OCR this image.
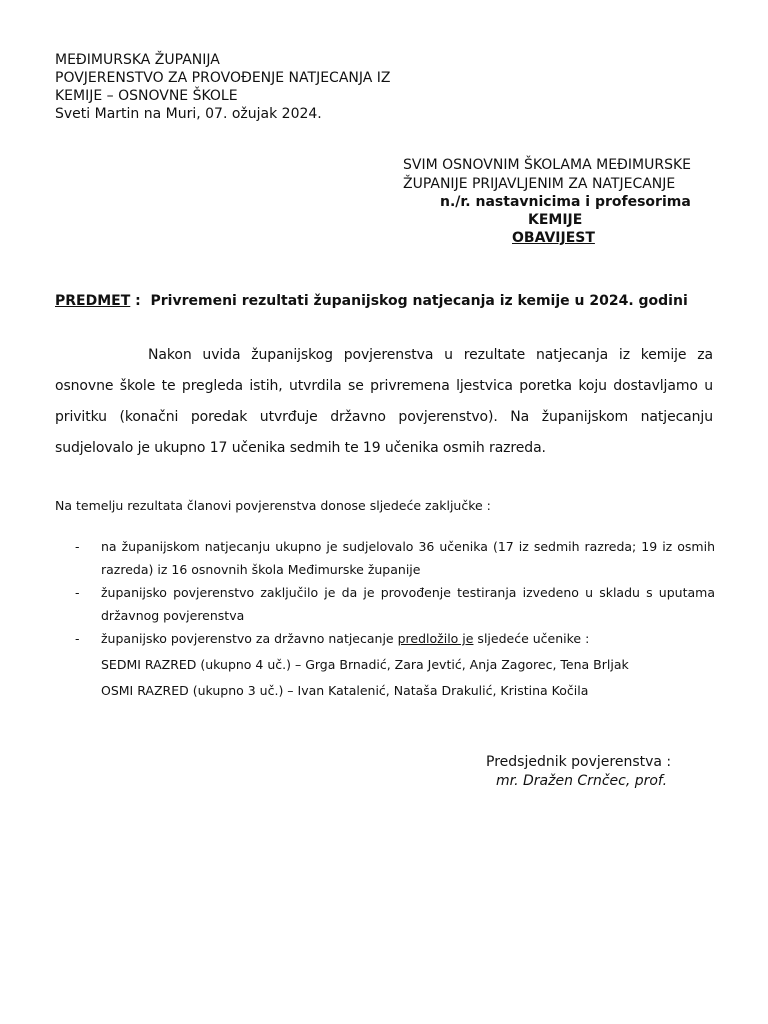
MEĐIMURSKA ŽUPANIJA
POVJERENSTVO ZA PROVOĐENJE NATJECANJA IZ
KEMIJE – OSNOVNE ŠKOLE
Sveti Martin na Muri, 07. ožujak 2024.
SVIM OSNOVNIM ŠKOLAMA MEĐIMURSKE
ŽUPANIJE PRIJAVLJENIM ZA NATJECANJE
n./r. nastavnicima i profesorima
KEMIJE
OBAVIJEST
PREDMET :  Privremeni rezultati županijskog natjecanja iz kemije u 2024. godini

Nakon uvida županijskog povjerenstva u rezultate natjecanja iz kemije za osnovne škole te pregleda istih, utvrdila se privremena ljestvica poretka koju dostavljamo u privitku (konačni poredak utvrđuje državno povjerenstvo). Na županijskom natjecanju sudjelovalo je ukupno 17 učenika sedmih te 19 učenika osmih razreda.

Na temelju rezultata članovi povjerenstva donose sljedeće zaključke :
- na županijskom natjecanju ukupno je sudjelovalo 36 učenika (17 iz sedmih razreda; 19 iz osmih razreda) iz 16 osnovnih škola Međimurske županije
- županijsko povjerenstvo zaključilo je da je provođenje testiranja izvedeno u skladu s uputama državnog povjerenstva
- županijsko povjerenstvo za državno natjecanje predložilo je sljedeće učenike :
SEDMI RAZRED (ukupno 4 uč.) – Grga Brnadić, Zara Jevtić, Anja Zagorec, Tena Brljak
OSMI RAZRED (ukupno 3 uč.) – Ivan Katalenić, Nataša Drakulić, Kristina Kočila
Predsjednik povjerenstva :
mr. Dražen Crnčec, prof.
